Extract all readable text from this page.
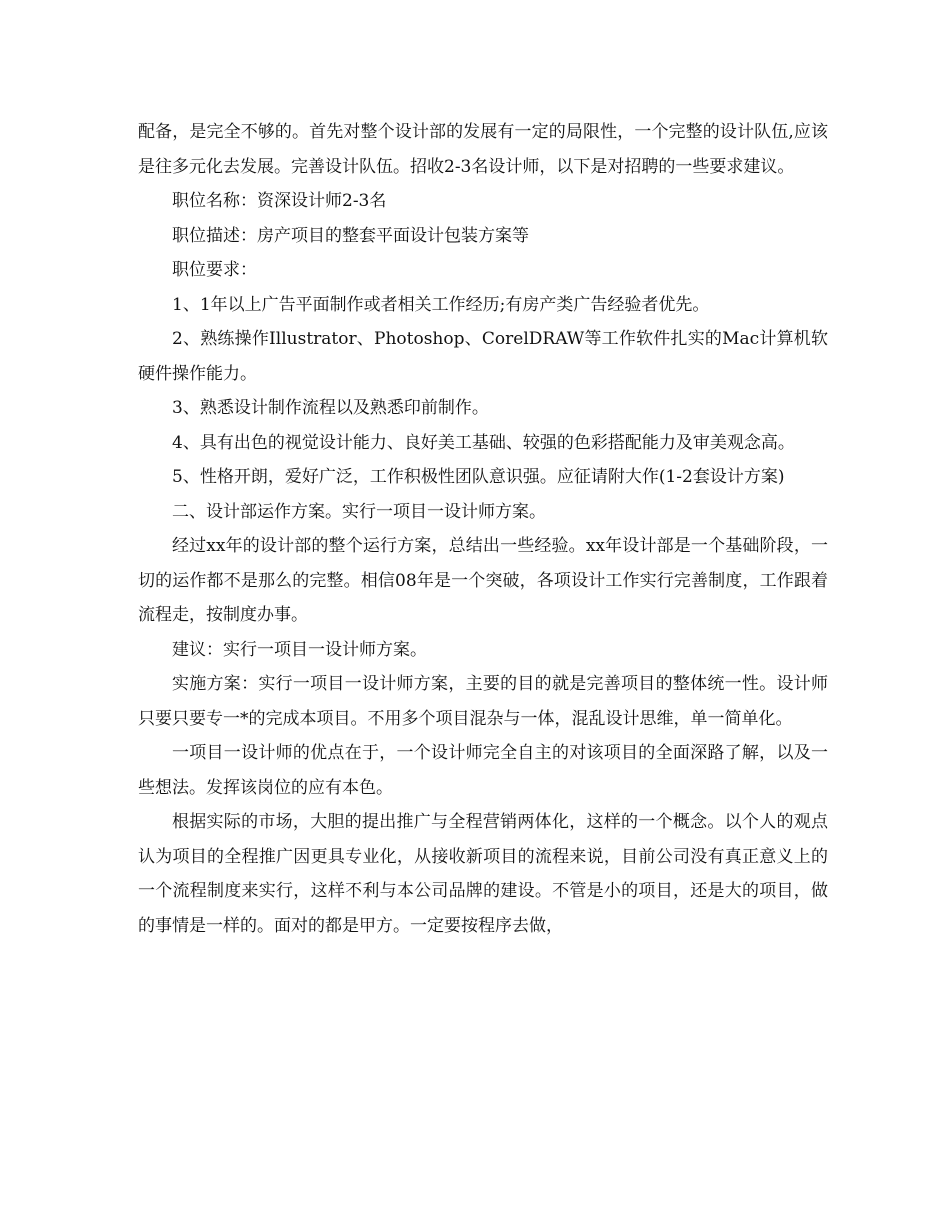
配备，是完全不够的。首先对整个设计部的发展有一定的局限性，一个完整的设计队伍,应该是往多元化去发展。完善设计队伍。招收2-3名设计师，以下是对招聘的一些要求建议。

职位名称：资深设计师2-3名

职位描述：房产项目的整套平面设计包装方案等

职位要求：

1、1年以上广告平面制作或者相关工作经历;有房产类广告经验者优先。

2、熟练操作Illustrator、Photoshop、CorelDRAW等工作软件扎实的Mac计算机软硬件操作能力。

3、熟悉设计制作流程以及熟悉印前制作。

4、具有出色的视觉设计能力、良好美工基础、较强的色彩搭配能力及审美观念高。

5、性格开朗，爱好广泛，工作积极性团队意识强。应征请附大作(1-2套设计方案)

二、设计部运作方案。实行一项目一设计师方案。

经过xx年的设计部的整个运行方案，总结出一些经验。xx年设计部是一个基础阶段，一切的运作都不是那么的完整。相信08年是一个突破，各项设计工作实行完善制度，工作跟着流程走，按制度办事。

建议：实行一项目一设计师方案。

实施方案：实行一项目一设计师方案，主要的目的就是完善项目的整体统一性。设计师只要只要专一*的完成本项目。不用多个项目混杂与一体，混乱设计思维，单一简单化。

一项目一设计师的优点在于，一个设计师完全自主的对该项目的全面深路了解，以及一些想法。发挥该岗位的应有本色。

根据实际的市场，大胆的提出推广与全程营销两体化，这样的一个概念。以个人的观点认为项目的全程推广因更具专业化，从接收新项目的流程来说，目前公司没有真正意义上的一个流程制度来实行，这样不利与本公司品牌的建设。不管是小的项目，还是大的项目，做的事情是一样的。面对的都是甲方。一定要按程序去做，
